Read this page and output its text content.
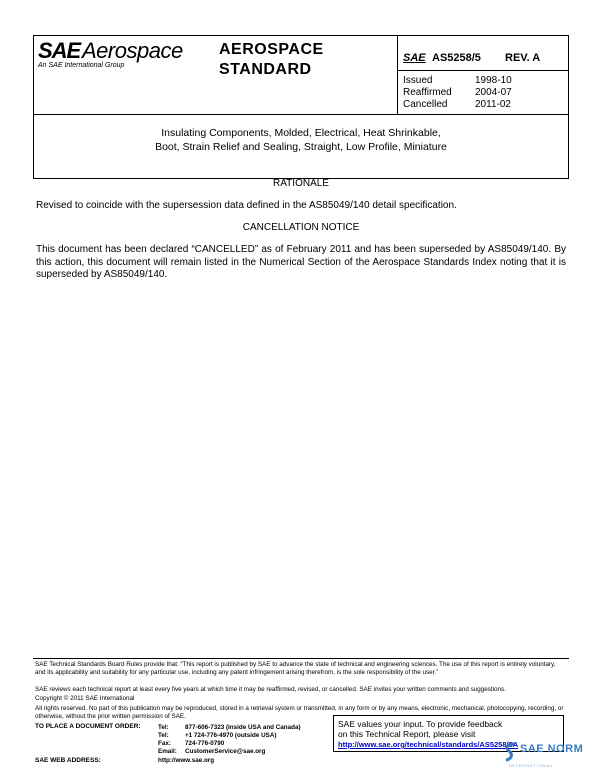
SAE Aerospace
An SAE International Group
AEROSPACE
STANDARD
SAE AS5258/5 REV. A
Issued	1998-10
Reaffirmed 2004-07
Cancelled	2011-02
Insulating Components, Molded, Electrical, Heat Shrinkable,
Boot, Strain Relief and Sealing, Straight, Low Profile, Miniature
RATIONALE
Revised to coincide with the supersession data defined in the AS85049/140 detail specification.
CANCELLATION NOTICE
This document has been declared “CANCELLED” as of February 2011 and has been superseded by AS85049/140. By this action, this document will remain listed in the Numerical Section of the Aerospace Standards Index noting that it is superseded by AS85049/140.
SAE Technical Standards Board Rules provide that: “This report is published by SAE to advance the state of technical and engineering sciences. The use of this report is entirely voluntary, and its applicability and suitability for any particular use, including any patent infringement arising therefrom, is the sole responsibility of the user.”
SAE reviews each technical report at least every five years at which time it may be reaffirmed, revised, or cancelled. SAE invites your written comments and suggestions.
Copyright © 2011 SAE International
All rights reserved. No part of this publication may be reproduced, stored in a retrieval system or transmitted, in any form or by any means, electronic, mechanical, photocopying, recording, or otherwise, without the prior written permission of SAE.
TO PLACE A DOCUMENT ORDER:	Tel:	877-606-7323 (inside USA and Canada)
Tel:	+1 724-776-4970 (outside USA)
Fax: 724-776-0790
Email: CustomerService@sae.org
SAE WEB ADDRESS:	http://www.sae.org
SAE values your input. To provide feedback
on this Technical Report, please visit
http://www.sae.org/technical/standards/AS5258/5A SAE NORM
INTERNATIONAL
